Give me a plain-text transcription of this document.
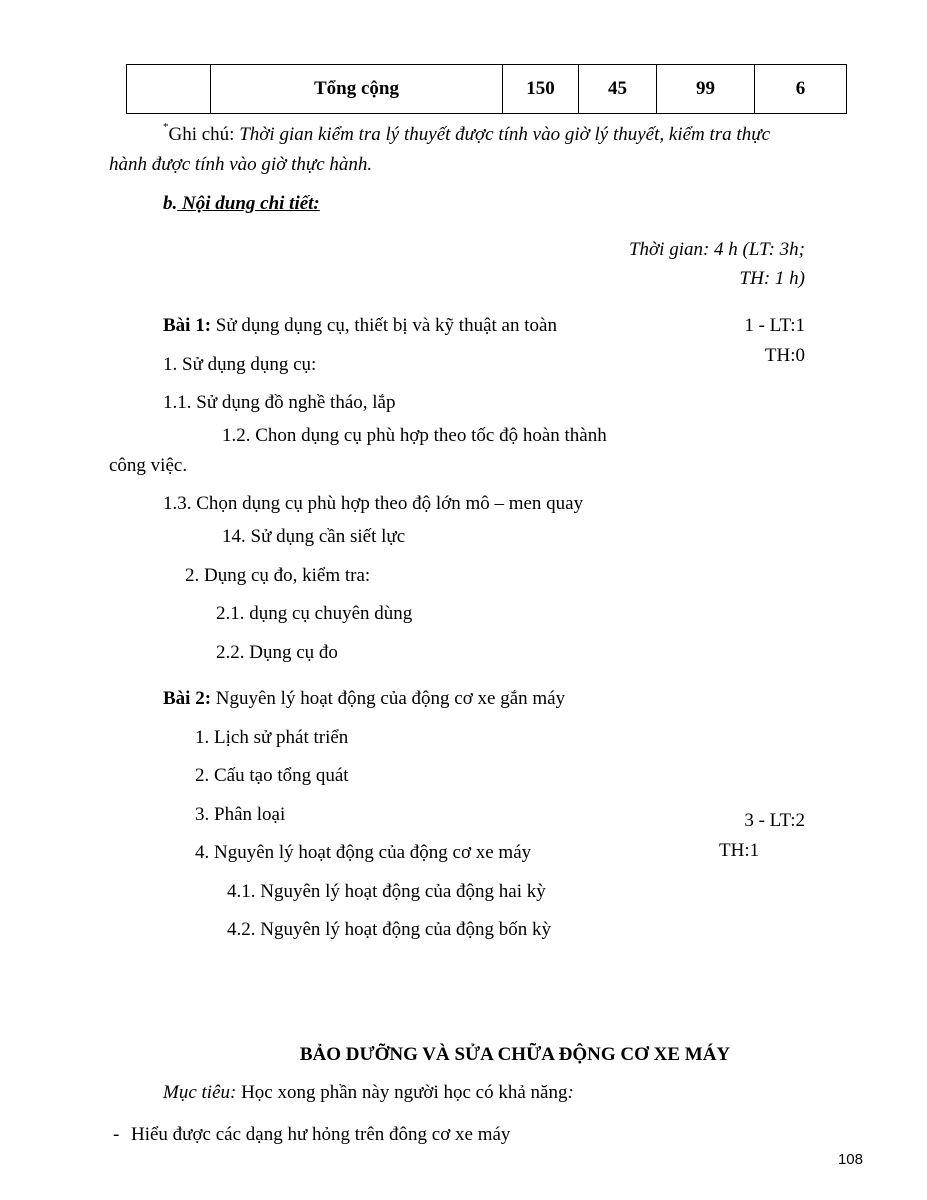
	Tổng cộng	150	45	99	6
*Ghi chú: Thời gian kiểm tra lý thuyết được tính vào giờ lý thuyết, kiểm tra thực
hành được tính vào giờ thực hành.
b. Nội dung chi tiết:
Thời gian: 4 h (LT: 3h;
TH: 1 h)
Bài 1: Sử dụng dụng cụ, thiết bị và kỹ thuật an toàn	1 - LT:1
TH:0
1. Sử dụng dụng cụ:
1.1. Sử dụng đồ nghề tháo, lắp
1.2. Chon dụng cụ phù hợp theo tốc độ hoàn thành
công việc.
1.3. Chọn dụng cụ phù hợp theo độ lớn mô – men quay
14. Sử dụng cần siết lực
2. Dụng cụ đo, kiểm tra:
2.1. dụng cụ chuyên dùng
2.2. Dụng cụ đo
Bài 2: Nguyên lý hoạt động của động cơ xe gắn máy
1. Lịch sử phát triển
2. Cấu tạo tổng quát
3. Phân loại	3 - LT:2
4. Nguyên lý hoạt động của động cơ xe máy	TH:1
4.1. Nguyên lý hoạt động của động hai kỳ
4.2. Nguyên lý hoạt động của động bốn kỳ
BẢO DƯỠNG VÀ SỬA CHỮA ĐỘNG CƠ XE MÁY
Mục tiêu: Học xong phần này người học có khả năng:
- Hiểu được các dạng hư hỏng trên đông cơ xe máy
108
